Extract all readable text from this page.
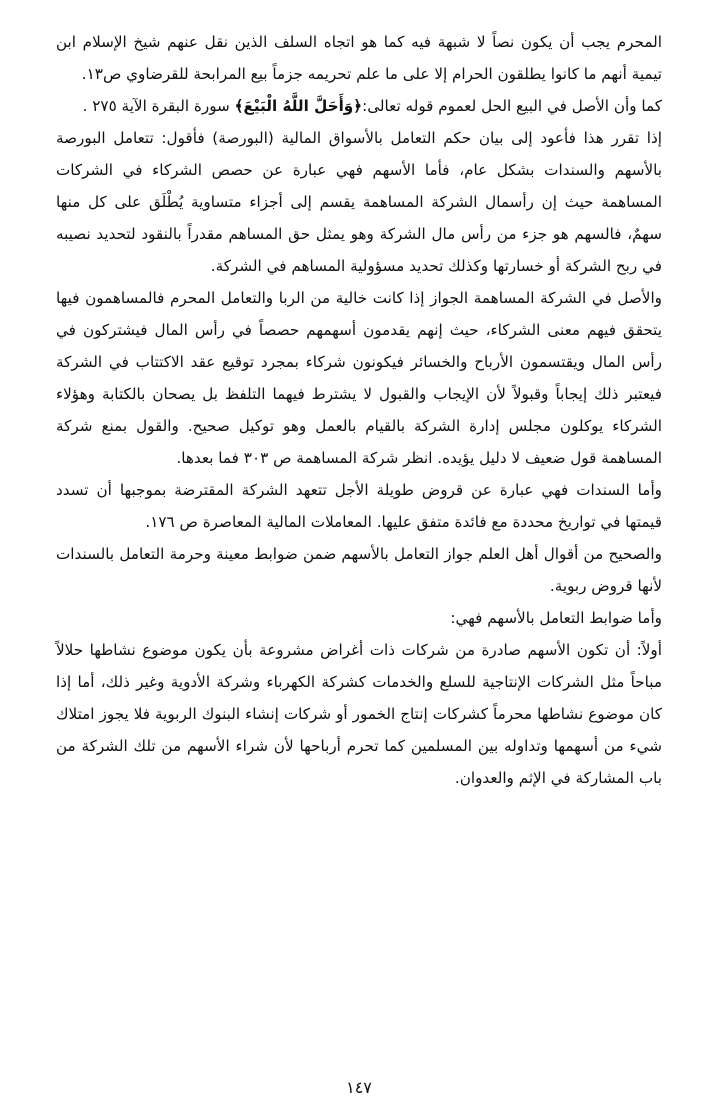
المحرم يجب أن يكون نصاً لا شبهة فيه كما هو اتجاه السلف الذين نقل عنهم شيخ الإسلام ابن تيمية أنهم ما كانوا يطلقون الحرام إلا على ما علم تحريمه جزماً بيع المرابحة للقرضاوي ص١٣.

كما وأن الأصل في البيع الحل لعموم قوله تعالى:﴿وَأَحَلَّ اللَّهُ الْبَيْعَ﴾ سورة البقرة الآية ٢٧٥ .

إذا تقرر هذا فأعود إلى بيان حكم التعامل بالأسواق المالية (البورصة) فأقول: تتعامل البورصة بالأسهم والسندات بشكل عام، فأما الأسهم فهي عبارة عن حصص الشركاء في الشركات المساهمة حيث إن رأسمال الشركة المساهمة يقسم إلى أجزاء متساوية يُطْلَق على كل منها سهمٌ، فالسهم هو جزء من رأس مال الشركة وهو يمثل حق المساهم مقدراً بالنقود لتحديد نصيبه في ربح الشركة أو خسارتها وكذلك تحديد مسؤولية المساهم في الشركة.

والأصل في الشركة المساهمة الجواز إذا كانت خالية من الربا والتعامل المحرم فالمساهمون فيها يتحقق فيهم معنى الشركاء، حيث إنهم يقدمون أسهمهم حصصاً في رأس المال فيشتركون في رأس المال ويقتسمون الأرباح والخسائر فيكونون شركاء بمجرد توقيع عقد الاكتتاب في الشركة فيعتبر ذلك إيجاباً وقبولاً لأن الإيجاب والقبول لا يشترط فيهما التلفظ بل يصحان بالكتابة وهؤلاء الشركاء يوكلون مجلس إدارة الشركة بالقيام بالعمل وهو توكيل صحيح. والقول بمنع شركة المساهمة قول ضعيف لا دليل يؤيده. انظر شركة المساهمة ص ٣٠٣ فما بعدها.

وأما السندات فهي عبارة عن قروض طويلة الأجل تتعهد الشركة المقترضة بموجبها أن تسدد قيمتها في تواريخ محددة مع فائدة متفق عليها. المعاملات المالية المعاصرة ص ١٧٦.

والصحيح من أقوال أهل العلم جواز التعامل بالأسهم ضمن ضوابط معينة وحرمة التعامل بالسندات لأنها قروض ربوية.

وأما ضوابط التعامل بالأسهم فهي:

أولاً: أن تكون الأسهم صادرة من شركات ذات أغراض مشروعة بأن يكون موضوع نشاطها حلالاً مباحاً مثل الشركات الإنتاجية للسلع والخدمات كشركة الكهرباء وشركة الأدوية وغير ذلك، أما إذا كان موضوع نشاطها محرماً كشركات إنتاج الخمور أو شركات إنشاء البنوك الربوية فلا يجوز امتلاك شيء من أسهمها وتداوله بين المسلمين كما تحرم أرباحها لأن شراء الأسهم من تلك الشركة من باب المشاركة في الإثم والعدوان.

١٤٧
